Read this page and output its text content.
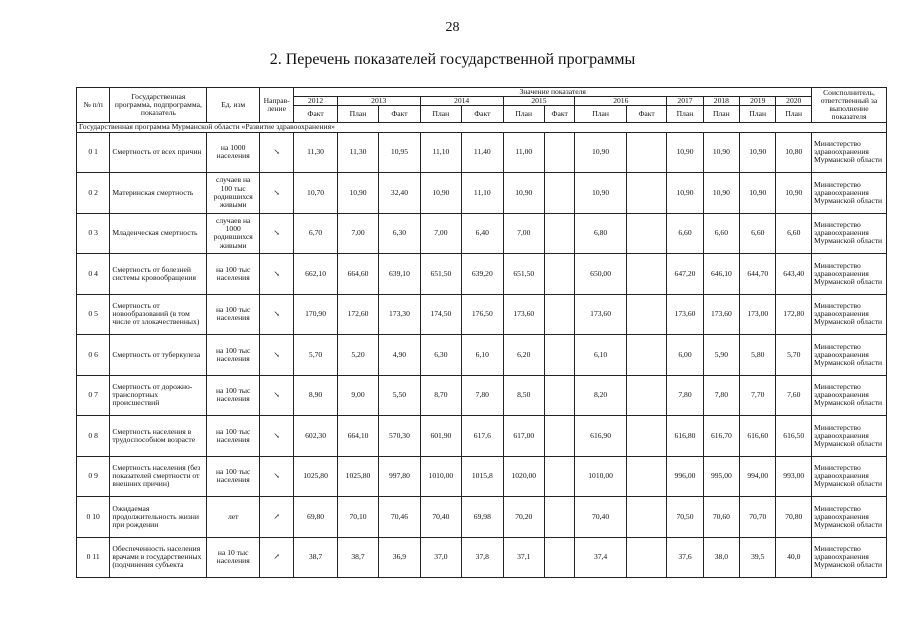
28
2. Перечень показателей государственной программы
№ п/п	Государственная программа, подпрограмма, показатель	Ед. изм	Направ-ление	Значение показателя													Соисполнитель, ответственный за выполнение показателя
				2012	2013		2014		2015		2016		2017	2018	2019	2020	
				Факт	План	Факт	План	Факт	План	Факт	План	Факт	План	План	План	План	
Государственная программа Мурманской области «Развитие здравоохранения»																	
0 1	Смертность от всех причин	на 1000 населения	↘	11,30	11,30	10,95	11,10	11,40	11,00		10,90		10,90	10,90	10,90	10,80	Министерство здравоохранения Мурманской области
0 2	Материнская смертность	случаев на 100 тыс родившихся живыми	↘	10,70	10,90	32,40	10,90	11,10	10,90		10,90		10,90	10,90	10,90	10,90	Министерство здравоохранения Мурманской области
0 3	Младенческая смертность	случаев на 1000 родившихся живыми	↘	6,70	7,00	6,30	7,00	6,40	7,00		6,80		6,60	6,60	6,60	6,60	Министерство здравоохранения Мурманской области
0 4	Смертность от болезней системы кровообращения	на 100 тыс населения	↘	662,10	664,60	639,10	651,50	639,20	651,50		650,00		647,20	646,10	644,70	643,40	Министерство здравоохранения Мурманской области
0 5	Смертность от новообразований (в том числе от злокачественных)	на 100 тыс населения	↘	170,90	172,60	173,30	174,50	176,50	173,60		173,60		173,60	173,60	173,00	172,80	Министерство здравоохранения Мурманской области
0 6	Смертность от туберкулеза	на 100 тыс населения	↘	5,70	5,20	4,90	6,30	6,10	6,20		6,10		6,00	5,90	5,80	5,70	Министерство здравоохранения Мурманской области
0 7	Смертность от дорожно-транспортных происшествий	на 100 тыс населения	↘	8,90	9,00	5,50	8,70	7,80	8,50		8,20		7,80	7,80	7,70	7,60	Министерство здравоохранения Мурманской области
0 8	Смертность населения в трудоспособном возрасте	на 100 тыс населения	↘	602,30	664,10	570,30	601,90	617,6	617,00		616,90		616,80	616,70	616,60	616,50	Министерство здравоохранения Мурманской области
0 9	Смертность населения (без показателей смертности от внешних причин)	на 100 тыс населения	↘	1025,80	1025,80	997,80	1010,00	1015,8	1020,00		1010,00		996,00	995,00	994,00	993,00	Министерство здравоохранения Мурманской области
0 10	Ожидаемая продолжительность жизни при рождении	лет	↗	69,80	70,10	70,46	70,40	69,98	70,20		70,40		70,50	70,60	70,70	70,80	Министерство здравоохранения Мурманской области
0 11	Обеспеченность населения врачами в государственных (подчинения субъекта	на 10 тыс населения	↗	38,7	38,7	36,9	37,0	37,8	37,1		37,4		37,6	38,0	39,5	40,0	Министерство здравоохранения Мурманской области
